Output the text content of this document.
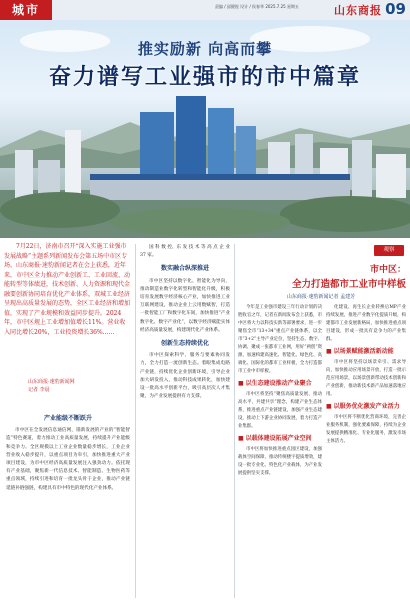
城市	责编 / 邱健锐 设计 / 侯春华 2025.7.25 星期五	山东商报 09
推实励新 向高而攀
奋力谱写工业强市的市中篇章
7月22日，济南市召开“深入实施工业强市发展战略”主题系列新闻发布会第五场中市区专场。山东商报·速豹新闻记者在会上获悉，近年来，市中区全力推动产业创新工、工业回流、动能转型等体绩进，技术创新、人力资源和现代金融要创新协同培育优化产业体系，双城工业经济呈现出高质量发展的态势，全区工业经济和增加值，实现了产业规模和效益同步提升。2024年，市中区规上工业增加值增长11%。营业收入同比增长20%，工业投资增长36%……
山东商报·速豹新闻网
记者 李晨
产业能级不断跃升

市中区在全发展信息通信网，锚新发展的产业的“智能智造”特色赛道，着力推动工业高质量发展，持续提升产业能级和竞争力。全区规模以上工业企业数量稳步增长，工业企业营业收入稳步提升，以重点项目为牵引，加快推进重大产业项目建设，为市中区经济高质量发展注入强劲动力。依托现有产业基础，聚焦新一代信息技术、智能制造、生物医药等重点领域，持续引进和培育一批龙头骨干企业，推动产业链延链补链强链，构建具有市中特色的现代化产业体系。

国 科 数 控、东 发 技 术 等 高 点 企 业 37 家。

数实融合纵深推进

市中区坚持以数字化、智能化为导向，推动制造业数字化转型和智能化升级，积极培育发展数字经济核心产业，加快推进工业互联网建设，推动企业上云用数赋智，打造一批智能工厂和数字化车间，加快推进“产业数字化、数字产业化”，以数字经济赋能实体经济高质量发展，构建现代化产业体系。

创新生态持续优化

市中区探索科学、服务与要素协同发力，全力打造一流创新生态。着眼集成电路产业链，持续优化企业创新环境，引导企业加大研发投入，推动科技成果转化，加快建设一批高水平创新平台，吸引高层次人才集聚，为产业发展提供有力支撑。

观察
市中区：
全力打造都市工业市中样板
山东商报·速豹新闻记者 孟建芳

今年是工业强市建设三年行动计划的决胜收官之年，记者在新闻发布会上获悉，市中区将大力以科技实新等部署要求，进一步聚焦全市“13+34”重点产业链体系，以全市“3+2”主导产业定位，坚持生态、数字、协调、聚成一张都市工业网，用好“两创”资源，加速构建高速化、智能化、绿色化、高端化、国际化的都市工业样板，全力打造都市工业中市样板。

■ 以生态建设推动产业聚合

市中区将坚持“聚焦高质量发展、推动高水平、共建共享”理念，构建产业生态体系，推进重点产业链建设，加强产业生态建设，推动上下游企业协同发展，着力打造产业集群。

■ 以载体建设拓展产业空间

市中区将加快推进重点园区建设，加强载体空间保障，推动传统楼宇提质增效，建设一批专业化、特色化产业载体，为产业发展提供坚实支撑。

化建设、再生长企业转换后MP产业持续发展，推进产业数字化提质升级，构建都市工业发展新格局，加快推进重点项目建设，形成一批具有竞争力的产业集群。

■ 以场景赋能激活新动能

市中区将坚持以场景牵引、需求导向，加快推动应用场景开放，打造一批示范应用场景，以场景创新带动技术创新和产业创新，推动新技术新产品加速落地应用。

■ 以服务优化激发产业活力

市中区将不断优化营商环境，完善企业服务机制，强化要素保障，持续为企业发展提供精准化、专业化服务，激发市场主体活力。
